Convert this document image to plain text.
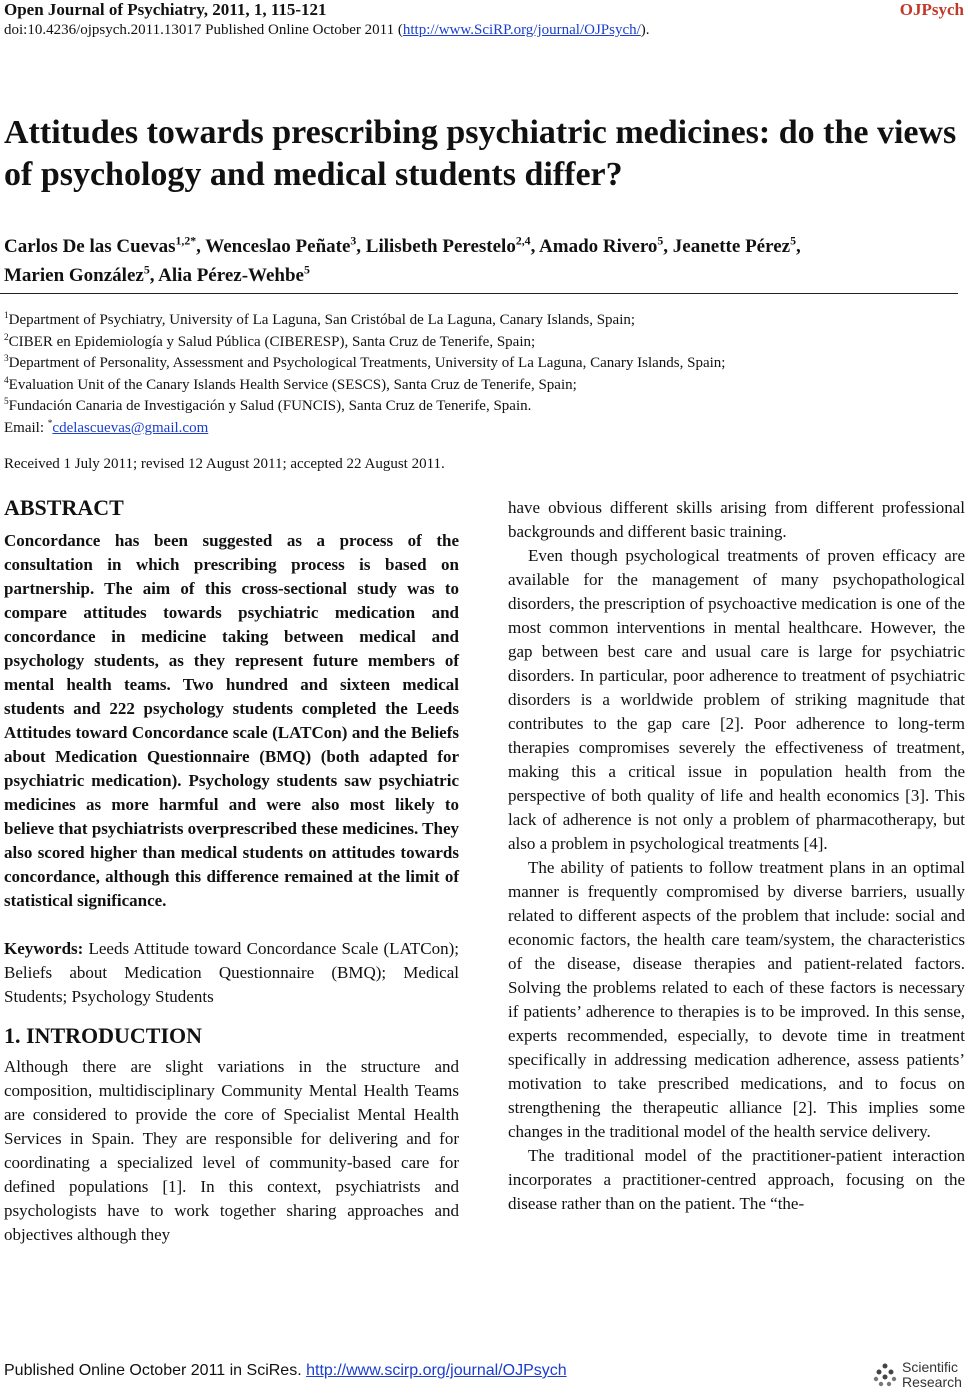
Open Journal of Psychiatry, 2011, 1, 115-121	OJPsych
doi:10.4236/ojpsych.2011.13017 Published Online October 2011 (http://www.SciRP.org/journal/OJPsych/).
Attitudes towards prescribing psychiatric medicines: do the views of psychology and medical students differ?
Carlos De las Cuevas$^{1,2*}$, Wenceslao Peñate$^3$, Lilisbeth Perestelo$^{2,4}$, Amado Rivero$^5$, Jeanette Pérez$^5$,
Marien González$^5$, Alia Pérez-Wehbe$^5$
$^1$Department of Psychiatry, University of La Laguna, San Cristóbal de La Laguna, Canary Islands, Spain;
$^2$CIBER en Epidemiología y Salud Pública (CIBERESP), Santa Cruz de Tenerife, Spain;
$^3$Department of Personality, Assessment and Psychological Treatments, University of La Laguna, Canary Islands, Spain;
$^4$Evaluation Unit of the Canary Islands Health Service (SESCS), Santa Cruz de Tenerife, Spain;
$^5$Fundación Canaria de Investigación y Salud (FUNCIS), Santa Cruz de Tenerife, Spain.
Email: *cdelascuevas@gmail.com
Received 1 July 2011; revised 12 August 2011; accepted 22 August 2011.
ABSTRACT

Concordance has been suggested as a process of the consultation in which prescribing process is based on partnership. The aim of this cross-sectional study was to compare attitudes towards psychiatric medication and concordance in medicine taking between medical and psychology students, as they represent future members of mental health teams. Two hundred and sixteen medical students and 222 psychology students completed the Leeds Attitudes toward Concordance scale (LATCon) and the Beliefs about Medication Questionnaire (BMQ) (both adapted for psychiatric medication). Psychology students saw psychiatric medicines as more harmful and were also most likely to believe that psychiatrists overprescribed these medicines. They also scored higher than medical students on attitudes towards concordance, although this difference remained at the limit of statistical significance.

Keywords: Leeds Attitude toward Concordance Scale (LATCon); Beliefs about Medication Questionnaire (BMQ); Medical Students; Psychology Students

1. INTRODUCTION

Although there are slight variations in the structure and composition, multidisciplinary Community Mental Health Teams are considered to provide the core of Specialist Mental Health Services in Spain. They are responsible for delivering and for coordinating a specialized level of community-based care for defined populations [1]. In this context, psychiatrists and psychologists have to work together sharing approaches and objectives although they

have obvious different skills arising from different professional backgrounds and different basic training.

Even though psychological treatments of proven efficacy are available for the management of many psychopathological disorders, the prescription of psychoactive medication is one of the most common interventions in mental healthcare. However, the gap between best care and usual care is large for psychiatric disorders. In particular, poor adherence to treatment of psychiatric disorders is a worldwide problem of striking magnitude that contributes to the gap care [2]. Poor adherence to long-term therapies compromises severely the effectiveness of treatment, making this a critical issue in population health from the perspective of both quality of life and health economics [3]. This lack of adherence is not only a problem of pharmacotherapy, but also a problem in psychological treatments [4].

The ability of patients to follow treatment plans in an optimal manner is frequently compromised by diverse barriers, usually related to different aspects of the problem that include: social and economic factors, the health care team/system, the characteristics of the disease, disease therapies and patient-related factors. Solving the problems related to each of these factors is necessary if patients’ adherence to therapies is to be improved. In this sense, experts recommended, especially, to devote time in treatment specifically in addressing medication adherence, assess patients’ motivation to take prescribed medications, and to focus on strengthening the therapeutic alliance [2]. This implies some changes in the traditional model of the health service delivery.

The traditional model of the practitioner-patient interaction incorporates a practitioner-centred approach, focusing on the disease rather than on the patient. The “the-

Published Online October 2011 in SciRes. http://www.scirp.org/journal/OJPsych	Scientific
Research
